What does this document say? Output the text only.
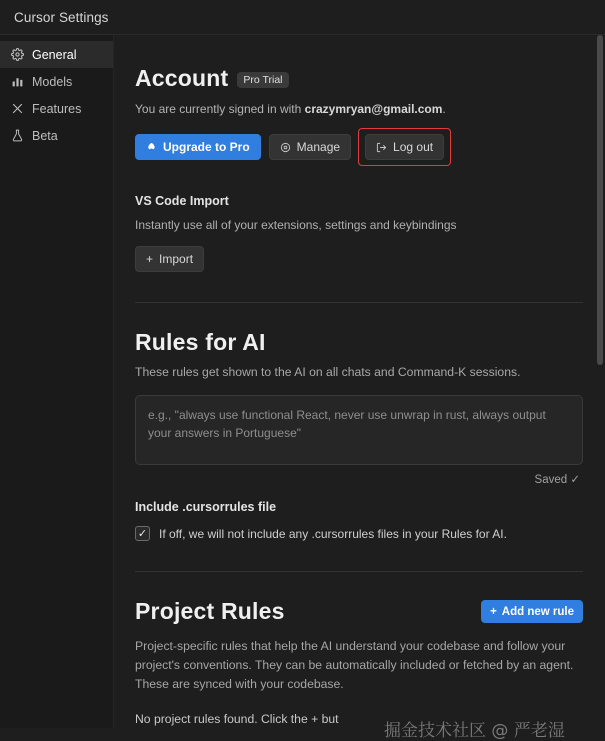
Cursor Settings
General
Models
Features
Beta
Account	Pro Trial
You are currently signed in with crazymryan@gmail.com.
Upgrade to Pro	Manage	Log out
VS Code Import
Instantly use all of your extensions, settings and keybindings
+ Import
Rules for AI
These rules get shown to the AI on all chats and Command-K sessions.
e.g., "always use functional React, never use unwrap in rust, always output your answers in Portuguese"
Saved ✓
Include .cursorrules file
✓ If off, we will not include any .cursorrules files in your Rules for AI.
Project Rules	+ Add new rule
Project-specific rules that help the AI understand your codebase and follow your project's conventions. They can be automatically included or fetched by an agent. These are synced with your codebase.
No project rules found. Click the + but
掘金技术社区 @ 严老湿
